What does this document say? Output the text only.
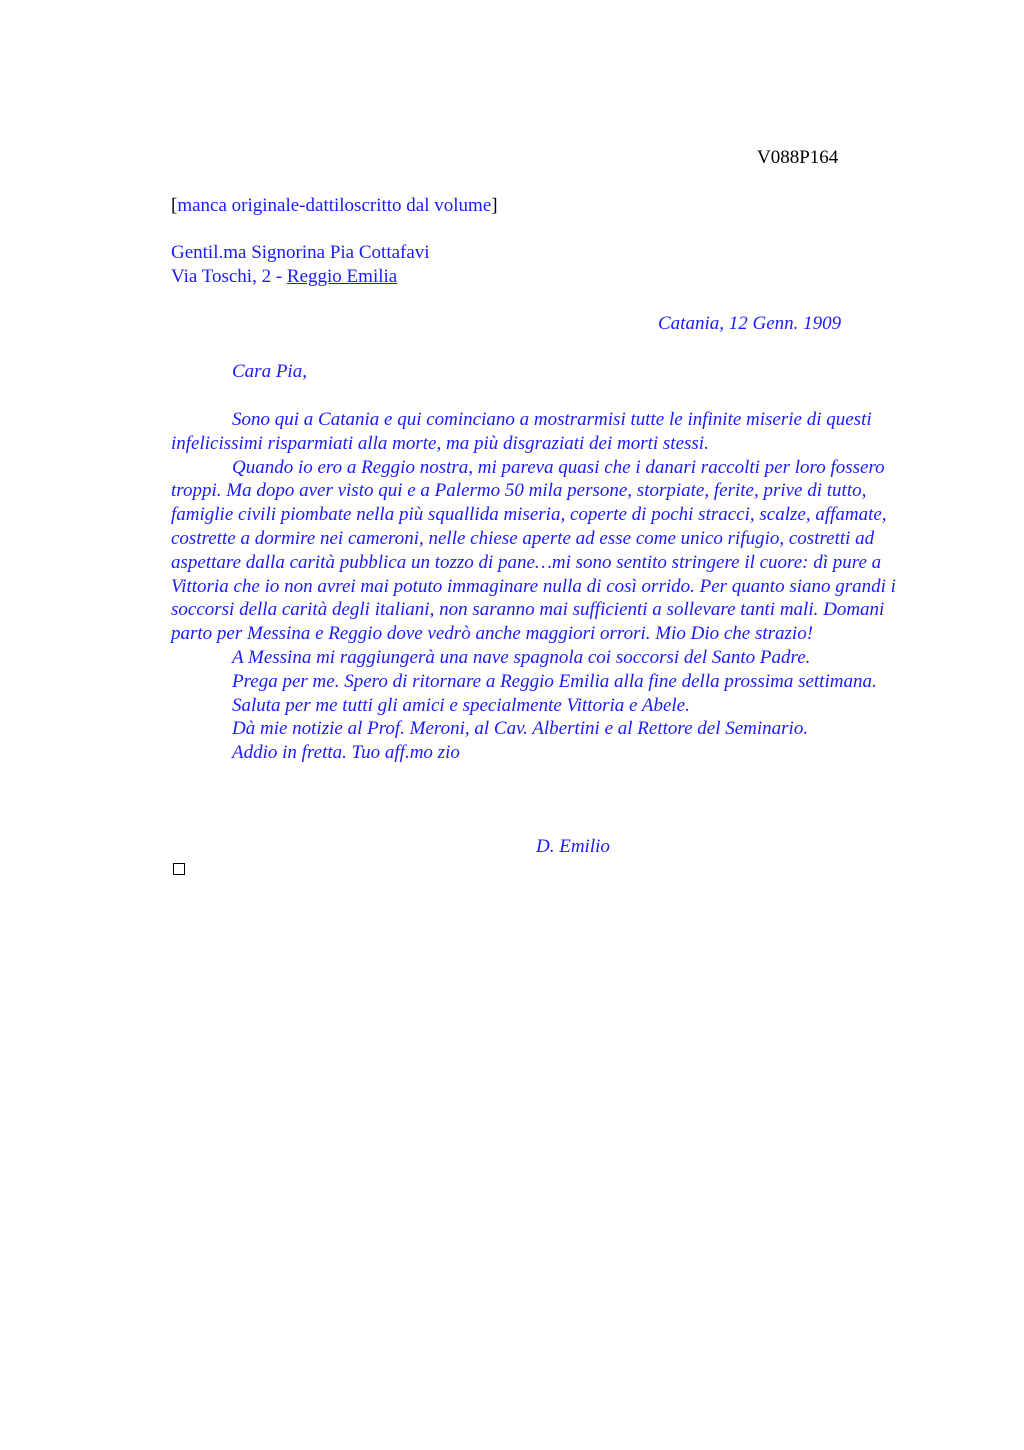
V088P164
[manca originale-dattiloscritto dal volume]
Gentil.ma Signorina Pia Cottafavi
Via Toschi, 2 - Reggio Emilia
Catania, 12 Genn. 1909
Cara Pia,

Sono qui a Catania e qui cominciano a mostrarmisi tutte le infinite miserie di questi infelicissimi risparmiati alla morte, ma più disgraziati dei morti stessi.

Quando io ero a Reggio nostra, mi pareva quasi che i danari raccolti per loro fossero troppi. Ma dopo aver visto qui e a Palermo 50 mila persone, storpiate, ferite, prive di tutto, famiglie civili piombate nella più squallida miseria, coperte di pochi stracci, scalze, affamate, costrette a dormire nei cameroni, nelle chiese aperte ad esse come unico rifugio, costretti ad aspettare dalla carità pubblica un tozzo di pane…mi sono sentito stringere il cuore: dì pure a Vittoria che io non avrei mai potuto immaginare nulla di così orrido. Per quanto siano grandi i soccorsi della carità degli italiani, non saranno mai sufficienti a sollevare tanti mali. Domani parto per Messina e Reggio dove vedrò anche maggiori orrori. Mio Dio che strazio!

A Messina mi raggiungerà una nave spagnola coi soccorsi del Santo Padre.

Prega per me. Spero di ritornare a Reggio Emilia alla fine della prossima settimana.

Saluta per me tutti gli amici e specialmente Vittoria e Abele.

Dà mie notizie al Prof. Meroni, al Cav. Albertini e al Rettore del Seminario.

Addio in fretta. Tuo aff.mo zio

D. Emilio
